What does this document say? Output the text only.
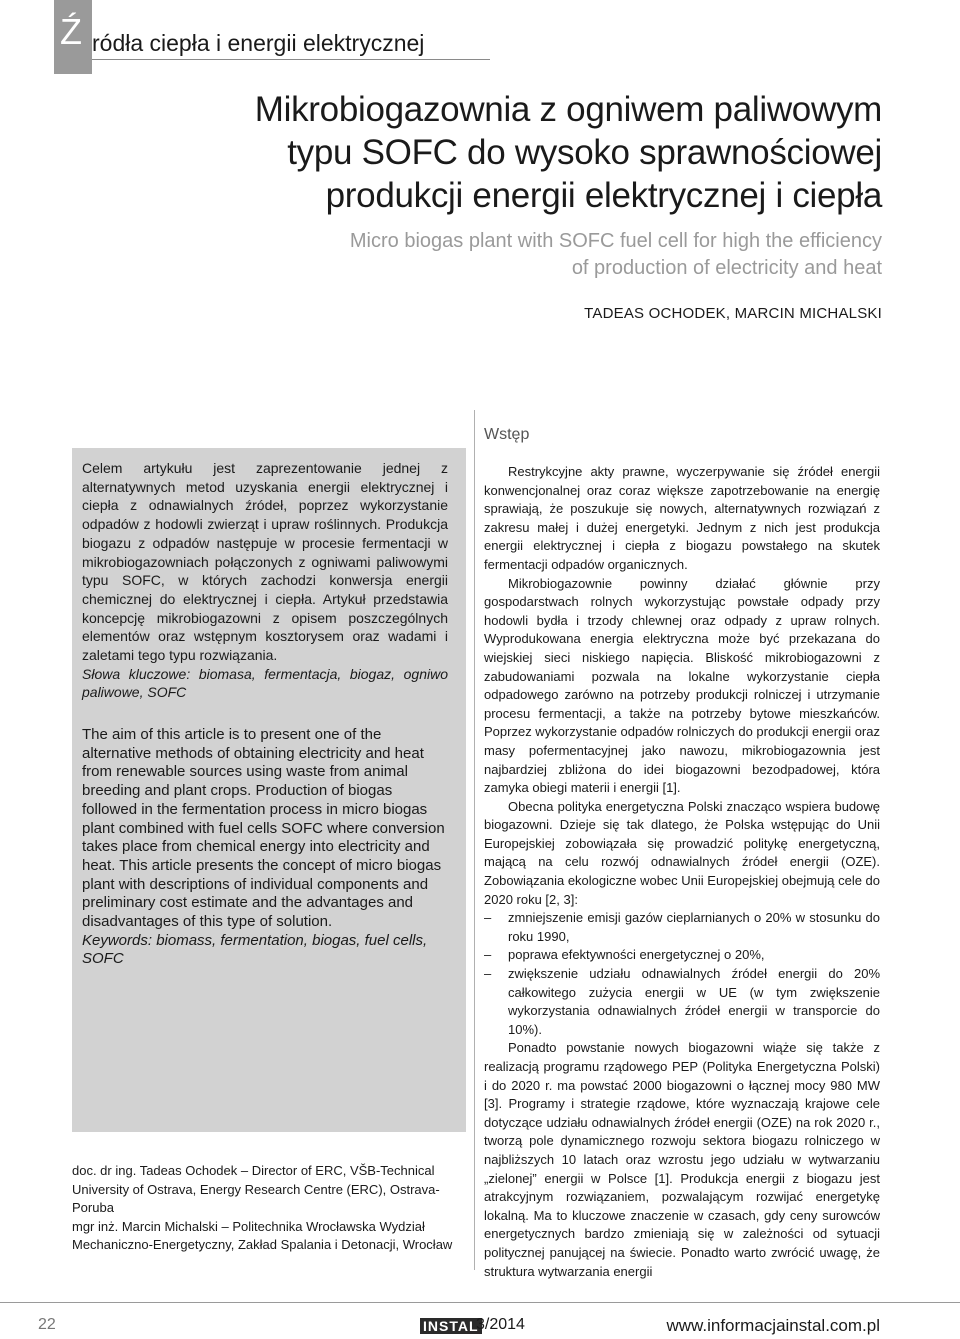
Ź ródła ciepła i energii elektrycznej
Mikrobiogazownia z ogniwem paliwowym
typu SOFC do wysoko sprawnościowej
produkcji energii elektrycznej i ciepła
Micro biogas plant with SOFC fuel cell for high the efficiency
of production of electricity and heat
TADEAS OCHODEK, MARCIN MICHALSKI
Celem artykułu jest zaprezentowanie jednej z alternatywnych metod uzyskania energii elektrycznej i ciepła z odnawialnych źródeł, poprzez wykorzystanie odpadów z hodowli zwierząt i upraw roślinnych. Produkcja biogazu z odpadów następuje w procesie fermentacji w mikrobiogazowniach połączonych z ogniwami paliwowymi typu SOFC, w których zachodzi konwersja energii chemicznej do elektrycznej i ciepła. Artykuł przedstawia koncepcję mikrobiogazowni z opisem poszczególnych elementów oraz wstępnym kosztorysem oraz wadami i zaletami tego typu rozwiązania.
Słowa kluczowe: biomasa, fermentacja, biogaz, ogniwo paliwowe, SOFC
The aim of this article is to present one of the alternative methods of obtaining electricity and heat from renewable sources using waste from animal breeding and plant crops. Production of biogas followed in the fermentation process in micro biogas plant combined with fuel cells SOFC where conversion takes place from chemical energy into electricity and heat. This article presents the concept of micro biogas plant with descriptions of individual components and preliminary cost estimate and the advantages and disadvantages of this type of solution.
Keywords: biomass, fermentation, biogas, fuel cells, SOFC

doc. dr ing. Tadeas Ochodek – Director of ERC, VŠB-Technical University of Ostrava, Energy Research Centre (ERC), Ostrava-Poruba

mgr inż. Marcin Michalski – Politechnika Wrocławska Wydział Mechaniczno-Energetyczny, Zakład Spalania i Detonacji, Wrocław

Wstęp

Restrykcyjne akty prawne, wyczerpywanie się źródeł energii konwencjonalnej oraz coraz większe zapotrzebowanie na energię sprawiają, że poszukuje się nowych, alternatywnych rozwiązań z zakresu małej i dużej energetyki. Jednym z nich jest produkcja energii elektrycznej i ciepła z biogazu powstałego na skutek fermentacji odpadów organicznych.

Mikrobiogazownie powinny działać głównie przy gospodarstwach rolnych wykorzystując powstałe odpady przy hodowli bydła i trzody chlewnej oraz odpady z upraw rolnych. Wyprodukowana energia elektryczna może być przekazana do wiejskiej sieci niskiego napięcia. Bliskość mikrobiogazowni z zabudowaniami pozwala na lokalne wykorzystanie ciepła odpadowego zarówno na potrzeby produkcji rolniczej i utrzymanie procesu fermentacji, a także na potrzeby bytowe mieszkańców. Poprzez wykorzystanie odpadów rolniczych do produkcji energii oraz masy pofermentacyjnej jako nawozu, mikrobiogazownia jest najbardziej zbliżona do idei biogazowni bezodpadowej, która zamyka obiegi materii i energii [1].

Obecna polityka energetyczna Polski znacząco wspiera budowę biogazowni. Dzieje się tak dlatego, że Polska wstępując do Unii Europejskiej zobowiązała się prowadzić politykę energetyczną, mającą na celu rozwój odnawialnych źródeł energii (OZE). Zobowiązania ekologiczne wobec Unii Europejskiej obejmują cele do 2020 roku [2, 3]:

– zmniejszenie emisji gazów cieplarnianych o 20% w stosunku do roku 1990,
– poprawa efektywności energetycznej o 20%,
– zwiększenie udziału odnawialnych źródeł energii do 20% całkowitego zużycia energii w UE (w tym zwiększenie wykorzystania odnawialnych źródeł energii w transporcie do 10%).

Ponadto powstanie nowych biogazowni wiąże się także z realizacją programu rządowego PEP (Polityka Energetyczna Polski) i do 2020 r. ma powstać 2000 biogazowni o łącznej mocy 980 MW [3]. Programy i strategie rządowe, które wyznaczają krajowe cele dotyczące udziału odnawialnych źródeł energii (OZE) na rok 2020 r., tworzą pole dynamicznego rozwoju sektora biogazu rolniczego w najbliższych 10 latach oraz wzrostu jego udziału w wytwarzaniu „zielonej” energii w Polsce [1]. Produkcja energii z biogazu jest atrakcyjnym rozwiązaniem, pozwalającym rozwijać energetykę lokalną. Ma to kluczowe znaczenie w czasach, gdy ceny surowców energetycznych bardzo zmieniają się w zależności od sytuacji politycznej panującej na świecie. Ponadto warto zwrócić uwagę, że struktura wytwarzania energii

22	INSTAL
3/2014	www.informacjainstal.com.pl
